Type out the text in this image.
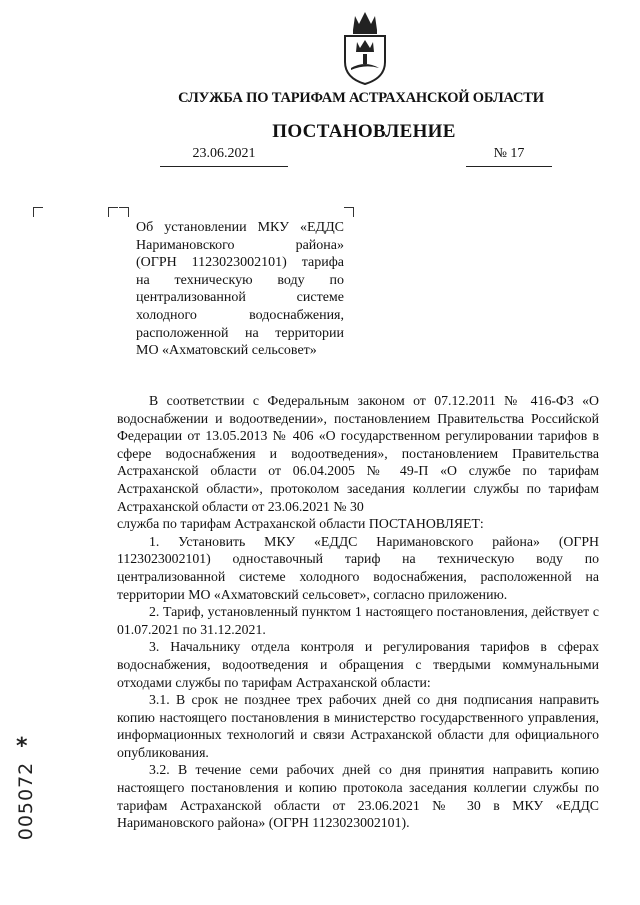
СЛУЖБА ПО ТАРИФАМ АСТРАХАНСКОЙ ОБЛАСТИ
ПОСТАНОВЛЕНИЕ
23.06.2021	№ 17
Об установлении МКУ «ЕДДС
Наримановского района»
(ОГРН 1123023002101) тарифа
на техническую воду по
централизованной системе
холодного водоснабжения,
расположенной на территории
МО «Ахматовский сельсовет»

В соответствии с Федеральным законом от 07.12.2011 № 416-ФЗ «О водоснабжении и водоотведении», постановлением Правительства Российской Федерации от 13.05.2013 № 406 «О государственном регулировании тарифов в сфере водоснабжения и водоотведения», постановлением Правительства Астраханской области от 06.04.2005 № 49-П «О службе по тарифам Астраханской области», протоколом заседания коллегии службы по тарифам Астраханской области от 23.06.2021 № 30

служба по тарифам Астраханской области ПОСТАНОВЛЯЕТ:

1. Установить МКУ «ЕДДС Наримановского района» (ОГРН 1123023002101) одноставочный тариф на техническую воду по централизованной системе холодного водоснабжения, расположенной на территории МО «Ахматовский сельсовет», согласно приложению.

2. Тариф, установленный пунктом 1 настоящего постановления, действует с 01.07.2021 по 31.12.2021.

3. Начальнику отдела контроля и регулирования тарифов в сферах водоснабжения, водоотведения и обращения с твердыми коммунальными отходами службы по тарифам Астраханской области:

3.1. В срок не позднее трех рабочих дней со дня подписания направить копию настоящего постановления в министерство государственного управления, информационных технологий и связи Астраханской области для официального опубликования.

3.2. В течение семи рабочих дней со дня принятия направить копию настоящего постановления и копию протокола заседания коллегии службы по тарифам Астраханской области от 23.06.2021 № 30 в МКУ «ЕДДС Наримановского района» (ОГРН 1123023002101).

*
005072
